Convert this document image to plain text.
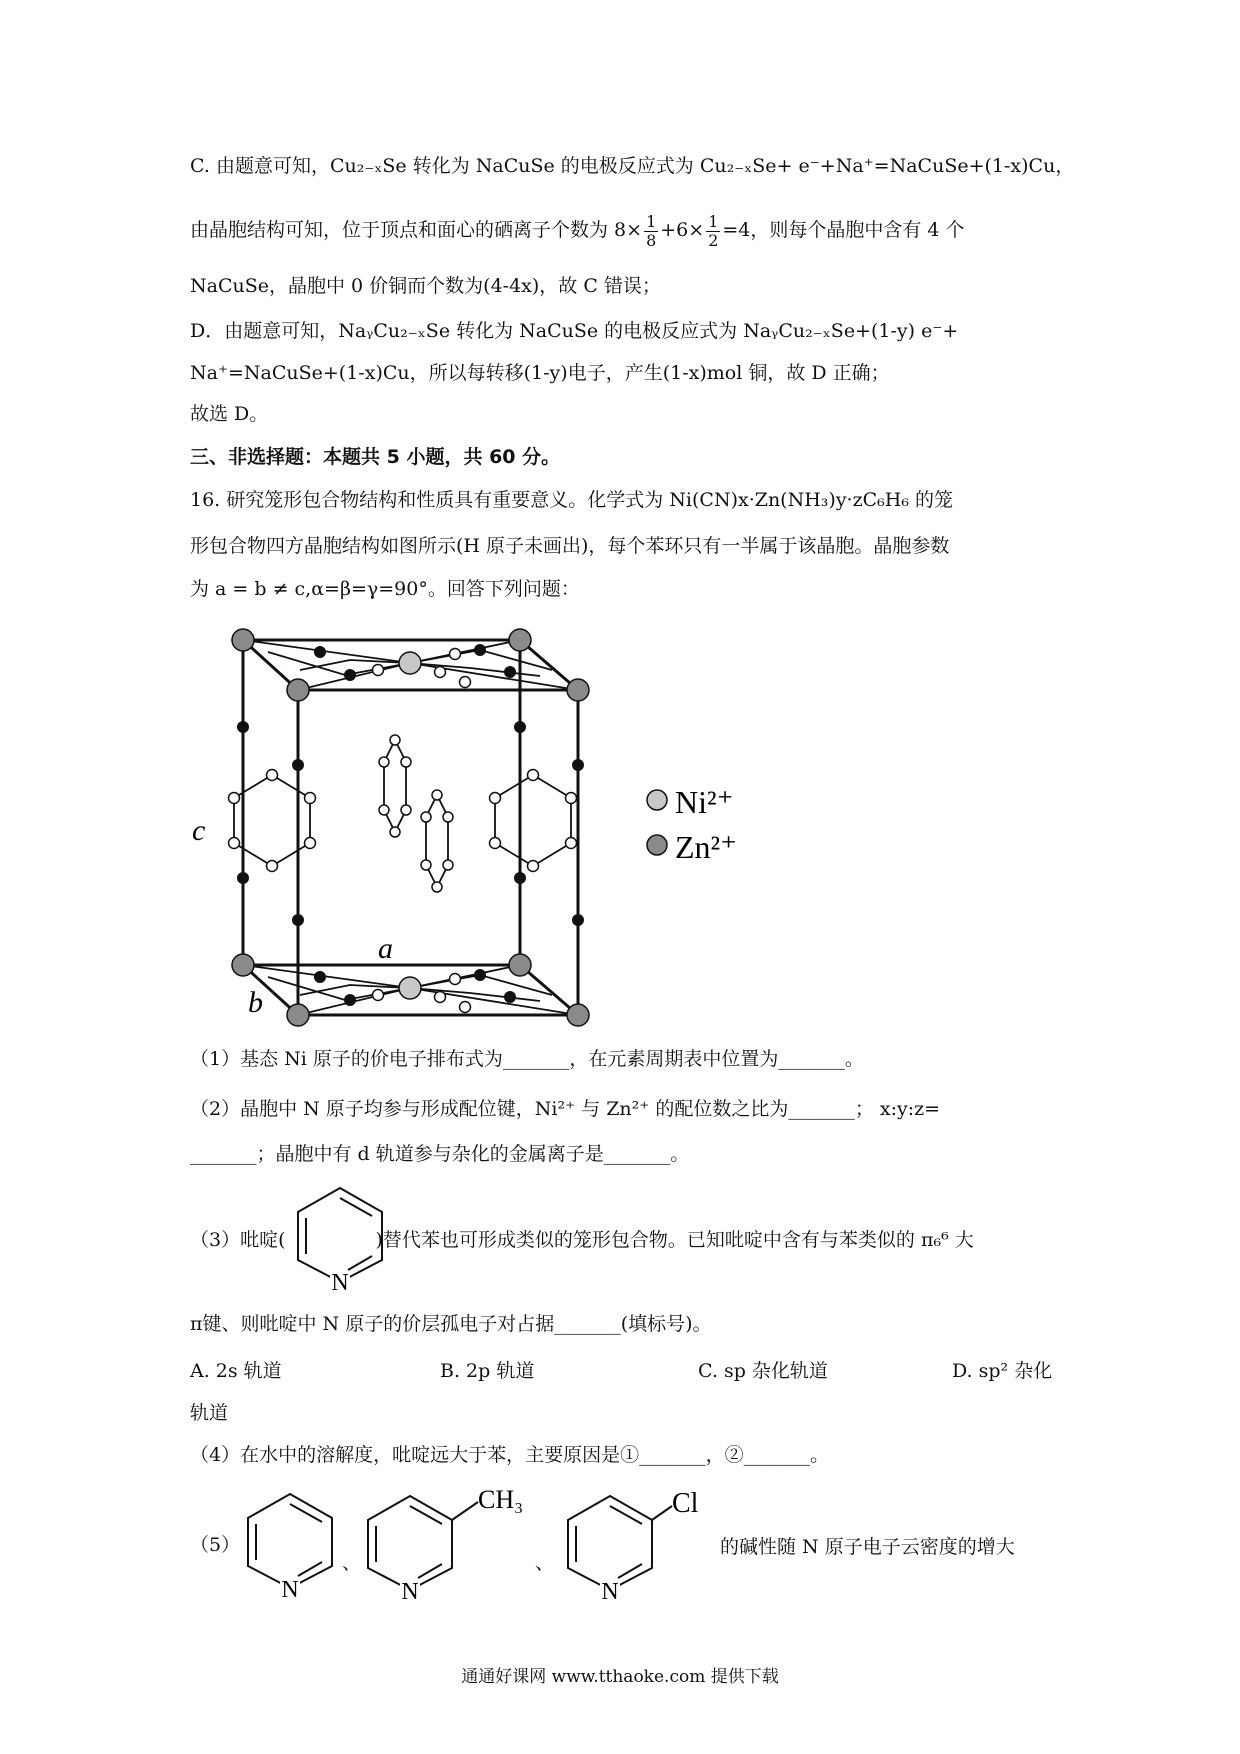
C. 由题意可知，Cu₂₋ₓSe 转化为 NaCuSe 的电极反应式为 Cu₂₋ₓSe+ e⁻+Na⁺=NaCuSe+(1-x)Cu，
由晶胞结构可知，位于顶点和面心的硒离子个数为 $8\times \frac{1}{8} +6\times \frac{1}{2} =4$，则每个晶胞中含有 4 个
NaCuSe，晶胞中 0 价铜而个数为(4-4x)，故 C 错误；
D．由题意可知，NaᵧCu₂₋ₓSe 转化为 NaCuSe 的电极反应式为 NaᵧCu₂₋ₓSe+(1-y) e⁻+
Na⁺=NaCuSe+(1-x)Cu，所以每转移(1-y)电子，产生(1-x)mol 铜，故 D 正确；
故选 D。
三、非选择题：本题共 5 小题，共 60 分。
16. 研究笼形包合物结构和性质具有重要意义。化学式为 Ni(CN)x·Zn(NH₃)y·zC₆H₆ 的笼
形包合物四方晶胞结构如图所示(H 原子未画出)，每个苯环只有一半属于该晶胞。晶胞参数
为 a = b ≠ c,α=β=γ=90°。回答下列问题：
c
a
b
Ni²⁺
Zn²⁺
（1）基态 Ni 原子的价电子排布式为_______，在元素周期表中位置为_______。
（2）晶胞中 N 原子均参与形成配位键，Ni²⁺ 与 Zn²⁺ 的配位数之比为_______； x:y:z=
_______；晶胞中有 d 轨道参与杂化的金属离子是_______。
（3）吡啶(	)替代苯也可形成类似的笼形包合物。已知吡啶中含有与苯类似的 π₆⁶ 大
N
π键、则吡啶中 N 原子的价层孤电子对占据_______(填标号)。
A. 2s 轨道	B. 2p 轨道	C. sp 杂化轨道	D. sp² 杂化
轨道
（4）在水中的溶解度，吡啶远大于苯，主要原因是①_______，②_______。
（5）
N
、
N
CH₃
、
N
Cl
的碱性随 N 原子电子云密度的增大
通通好课网 www.tthaoke.com 提供下载
